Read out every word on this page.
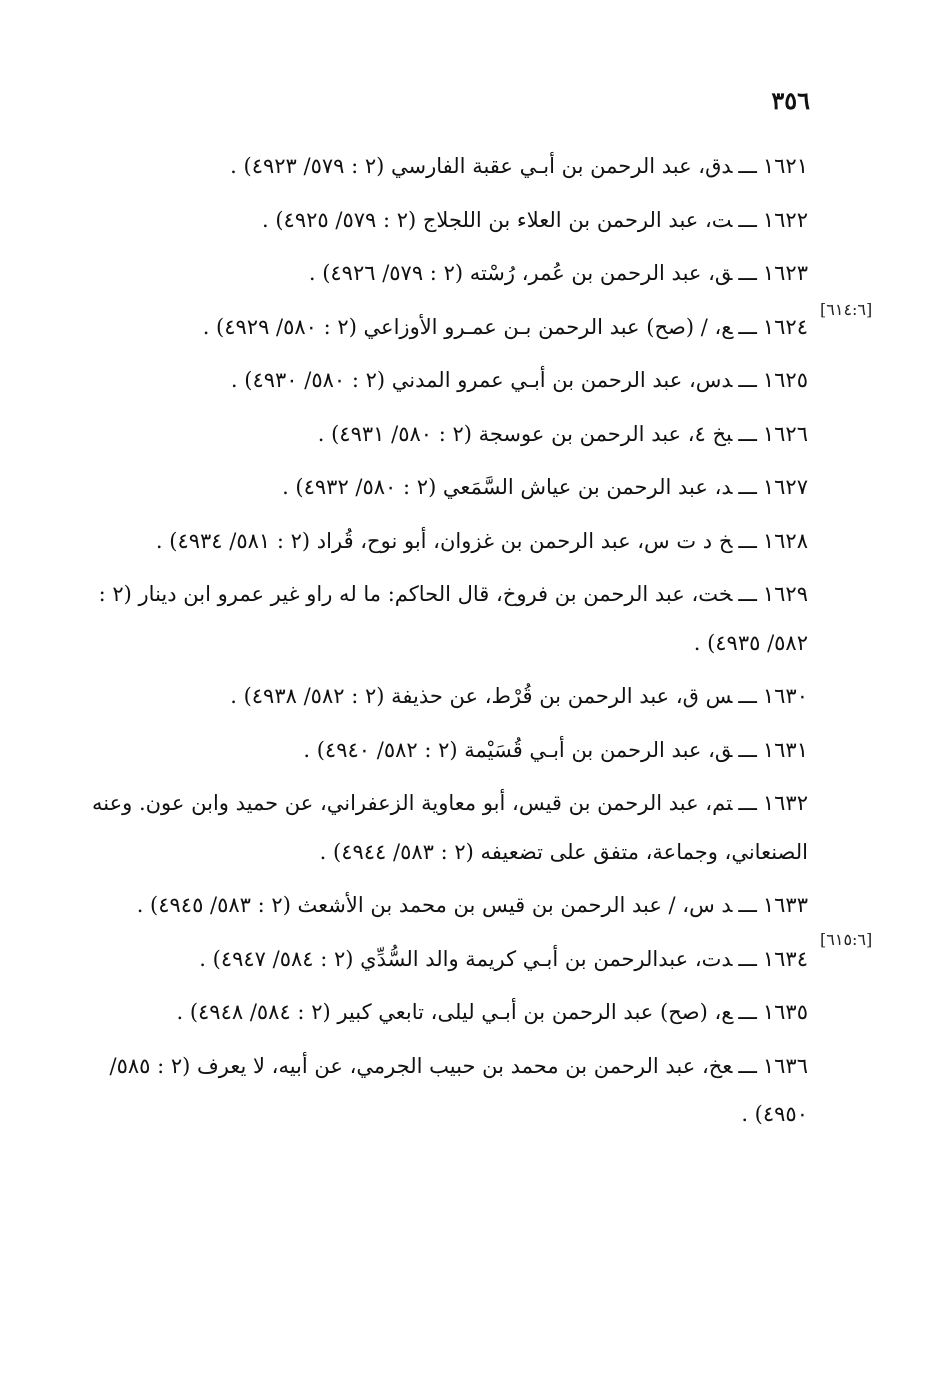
٣٥٦
[٦١٤:٦]
[٦١٥:٦]
١٦٢١ـــدق، عبد الرحمن بن أبـي عقبة الفارسي (٢ : ٥٧٩/ ٤٩٢٣) .
١٦٢٢ـــت، عبد الرحمن بن العلاء بن اللجلاج (٢ : ٥٧٩/ ٤٩٢٥) .
١٦٢٣ـــق، عبد الرحمن بن عُمر، رُسْته (٢ : ٥٧٩/ ٤٩٢٦) .
١٦٢٤ـــع، / (صح) عبد الرحمن بـن عمـرو الأوزاعي (٢ : ٥٨٠/ ٤٩٢٩) .
١٦٢٥ـــدس، عبد الرحمن بن أبـي عمرو المدني (٢ : ٥٨٠/ ٤٩٣٠) .
١٦٢٦ـــبخ ٤، عبد الرحمن بن عوسجة (٢ : ٥٨٠/ ٤٩٣١) .
١٦٢٧ـــد، عبد الرحمن بن عياش السَّمَعي (٢ : ٥٨٠/ ٤٩٣٢) .
١٦٢٨ـــخ د ت س، عبد الرحمن بن غزوان، أبو نوح، قُراد (٢ : ٥٨١/ ٤٩٣٤) .
١٦٢٩ـــخت، عبد الرحمن بن فروخ، قال الحاكم: ما له راو غير عمرو ابن دينار (٢ : ٥٨٢/ ٤٩٣٥) .
١٦٣٠ـــس ق، عبد الرحمن بن قُرْط، عن حذيفة (٢ : ٥٨٢/ ٤٩٣٨) .
١٦٣١ـــق، عبد الرحمن بن أبـي قُسَيْمة (٢ : ٥٨٢/ ٤٩٤٠) .
١٦٣٢ـــتم، عبد الرحمن بن قيس، أبو معاوية الزعفراني، عن حميد وابن عون. وعنه الصنعاني، وجماعة، متفق على تضعيفه (٢ : ٥٨٣/ ٤٩٤٤) .
١٦٣٣ـــد س، / عبد الرحمن بن قيس بن محمد بن الأشعث (٢ : ٥٨٣/ ٤٩٤٥) .
١٦٣٤ـــدت، عبدالرحمن بن أبـي كريمة والد السُّدِّي (٢ : ٥٨٤/ ٤٩٤٧) .
١٦٣٥ـــع، (صح) عبد الرحمن بن أبـي ليلى، تابعي كبير (٢ : ٥٨٤/ ٤٩٤٨) .
١٦٣٦ـــعخ، عبد الرحمن بن محمد بن حبيب الجرمي، عن أبيه، لا يعرف (٢ : ٥٨٥/ ٤٩٥٠) .
